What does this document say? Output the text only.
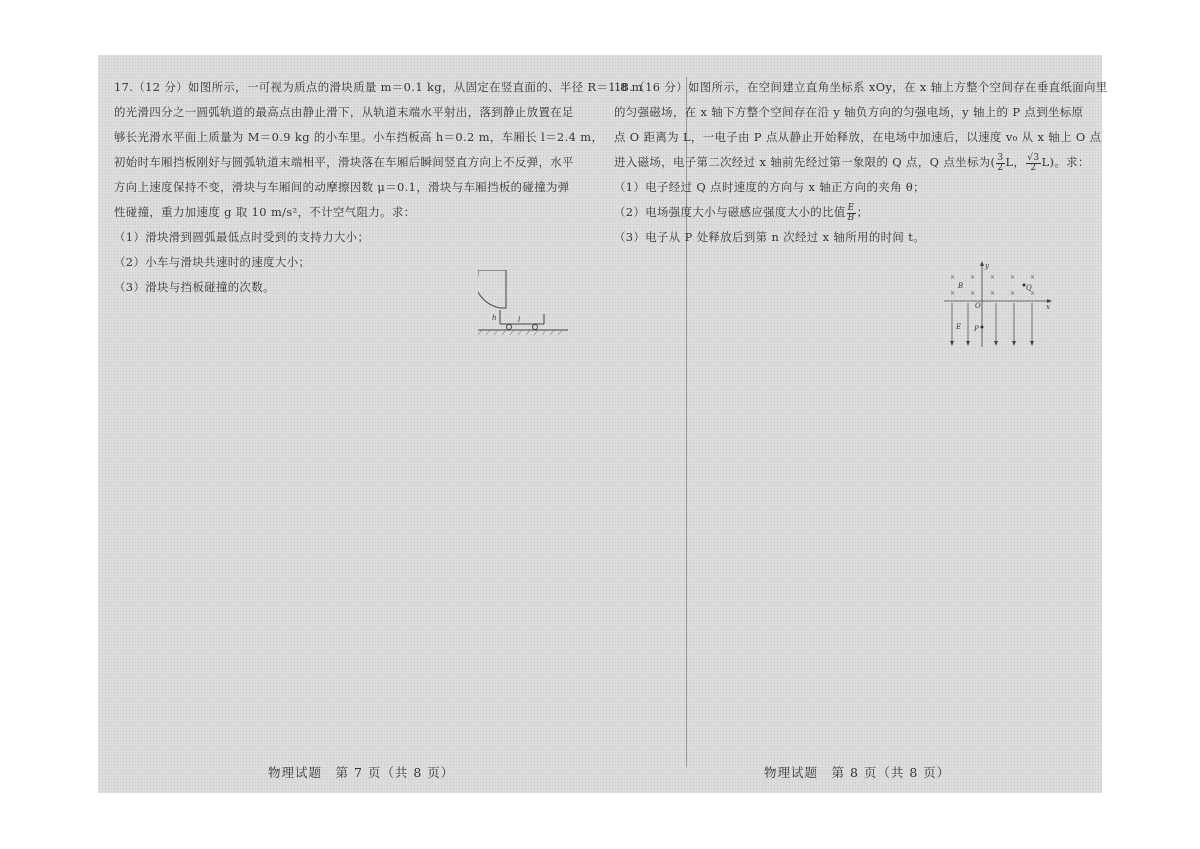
17.（12 分）如图所示，一可视为质点的滑块质量 m＝0.1 kg，从固定在竖直面的、半径 R＝1.8 m

的光滑四分之一圆弧轨道的最高点由静止滑下，从轨道末端水平射出，落到静止放置在足

够长光滑水平面上质量为 M＝0.9 kg 的小车里。小车挡板高 h＝0.2 m，车厢长 l＝2.4 m，

初始时车厢挡板刚好与圆弧轨道末端相平，滑块落在车厢后瞬间竖直方向上不反弹，水平

方向上速度保持不变，滑块与车厢间的动摩擦因数 μ＝0.1，滑块与车厢挡板的碰撞为弹

性碰撞，重力加速度 g 取 10 m/s²，不计空气阻力。求：

（1）滑块滑到圆弧最低点时受到的支持力大小；

（2）小车与滑块共速时的速度大小；

（3）滑块与挡板碰撞的次数。

h	l
物理试题　第 7 页（共 8 页）

18.（16 分）如图所示，在空间建立直角坐标系 xOy，在 x 轴上方整个空间存在垂直纸面向里

的匀强磁场，在 x 轴下方整个空间存在沿 y 轴负方向的匀强电场，y 轴上的 P 点到坐标原

点 O 距离为 L，一电子由 P 点从静止开始释放，在电场中加速后，以速度 v₀ 从 x 轴上 O 点

进入磁场，电子第二次经过 x 轴前先经过第一象限的 Q 点，Q 点坐标为( $\frac{3}{2}$ L， $\frac{√3}{2} L$)。求：

（1）电子经过 Q 点时速度的方向与 x 轴正方向的夹角 θ；

（2）电场强度大小与磁感应强度大小的比值 $\frac{E}{B}$ ；

（3）电子从 P 处释放后到第 n 次经过 x 轴所用的时间 t。

× × × × ×
× × × × ×
y
x
B	Q
O
E P
物理试题　第 8 页（共 8 页）
